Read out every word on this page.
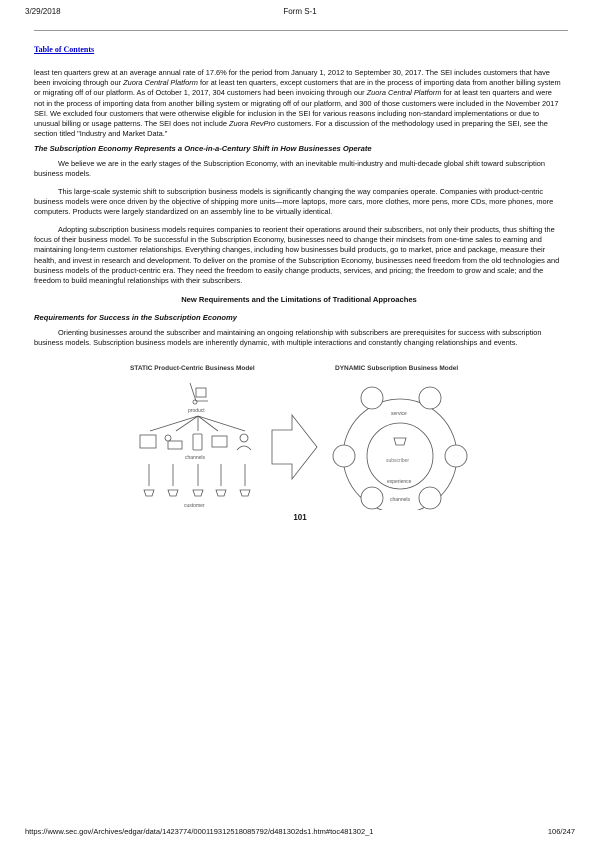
3/29/2018	Form S-1
Table of Contents
least ten quarters grew at an average annual rate of 17.6% for the period from January 1, 2012 to September 30, 2017. The SEI includes customers that have been invoicing through our Zuora Central Platform for at least ten quarters, except customers that are in the process of importing data from another billing system or migrating off of our platform. As of October 1, 2017, 304 customers had been invoicing through our Zuora Central Platform for at least ten quarters and were not in the process of importing data from another billing system or migrating off of our platform, and 300 of those customers were included in the November 2017 SEI. We excluded four customers that were otherwise eligible for inclusion in the SEI for various reasons including non-standard implementations or due to unusual billing or usage patterns. The SEI does not include Zuora RevPro customers. For a discussion of the methodology used in preparing the SEI, see the section titled "Industry and Market Data."
The Subscription Economy Represents a Once-in-a-Century Shift in How Businesses Operate
We believe we are in the early stages of the Subscription Economy, with an inevitable multi-industry and multi-decade global shift toward subscription business models.
This large-scale systemic shift to subscription business models is significantly changing the way companies operate. Companies with product-centric business models were once driven by the objective of shipping more units—more laptops, more cars, more clothes, more pens, more CDs, more phones, more computers. Products were largely standardized on an assembly line to be virtually identical.
Adopting subscription business models requires companies to reorient their operations around their subscribers, not only their products, thus shifting the focus of their business model. To be successful in the Subscription Economy, businesses need to change their mindsets from one-time sales to earning and maintaining long-term customer relationships. Everything changes, including how businesses build products, go to market, price and package, measure their health, and invest in research and development. To deliver on the promise of the Subscription Economy, businesses need freedom from the old technologies and business models of the product-centric era. They need the freedom to easily change products, services, and pricing; the freedom to grow and scale; and the freedom to build meaningful relationships with their subscribers.
New Requirements and the Limitations of Traditional Approaches
Requirements for Success in the Subscription Economy
Orienting businesses around the subscriber and maintaining an ongoing relationship with subscribers are prerequisites for success with subscription business models. Subscription business models are inherently dynamic, with multiple interactions and constantly changing relationships and events.
STATIC Product-Centric Business Model	DYNAMIC Subscription Business Model
product
channels
customer
service
subscriber
experience
channels
101
https://www.sec.gov/Archives/edgar/data/1423774/000119312518085792/d481302ds1.htm#toc481302_1	106/247
